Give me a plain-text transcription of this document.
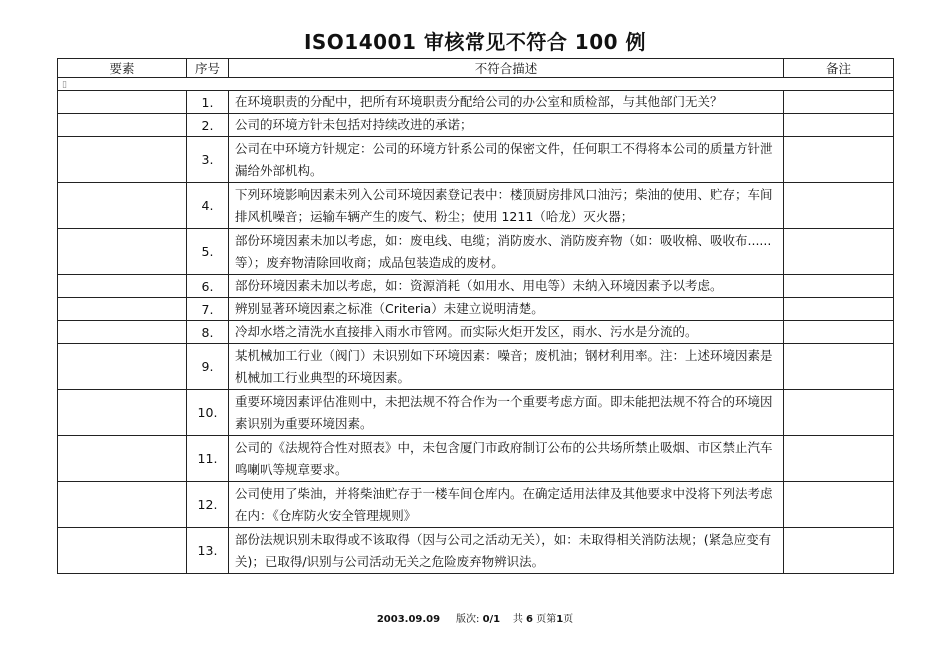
ISO14001 审核常见不符合 100 例
▯
要素	序号	不符合描述	备注

	1.	在环境职责的分配中，把所有环境职责分配给公司的办公室和质检部，与其他部门无关？	
	2.	公司的环境方针未包括对持续改进的承诺；	
	3.	公司在中环境方针规定：公司的环境方针系公司的保密文件，任何职工不得将本公司的质量方针泄漏给外部机构。	
	4.	下列环境影响因素未列入公司环境因素登记表中：楼顶厨房排风口油污；柴油的使用、贮存；车间排风机噪音；运输车辆产生的废气、粉尘；使用 1211（哈龙）灭火器；	
	5.	部份环境因素未加以考虑，如：废电线、电缆；消防废水、消防废弃物（如：吸收棉、吸收布......等）；废弃物清除回收商；成品包装造成的废材。	
	6.	部份环境因素未加以考虑，如：资源消耗（如用水、用电等）未纳入环境因素予以考虑。	
	7.	辨别显著环境因素之标准（Criteria）未建立说明清楚。	
	8.	冷却水塔之清洗水直接排入雨水市管网。而实际火炬开发区，雨水、污水是分流的。	
	9.	某机械加工行业（阀门）未识别如下环境因素：噪音；废机油；钢材利用率。注：上述环境因素是机械加工行业典型的环境因素。	
	10.	重要环境因素评估准则中，未把法规不符合作为一个重要考虑方面。即未能把法规不符合的环境因素识别为重要环境因素。	
	11.	公司的《法规符合性对照表》中，未包含厦门市政府制订公布的公共场所禁止吸烟、市区禁止汽车鸣喇叭等规章要求。	
	12.	公司使用了柴油，并将柴油贮存于一楼车间仓库内。在确定适用法律及其他要求中没将下列法考虑在内：《仓库防火安全管理规则》	
	13.	部份法规识别未取得或不该取得（因与公司之活动无关），如：未取得相关消防法规；(紧急应变有关)；已取得/识别与公司活动无关之危险废弃物辨识法。	
2003.09.09 版次: 0/1 共 6 页第1页
